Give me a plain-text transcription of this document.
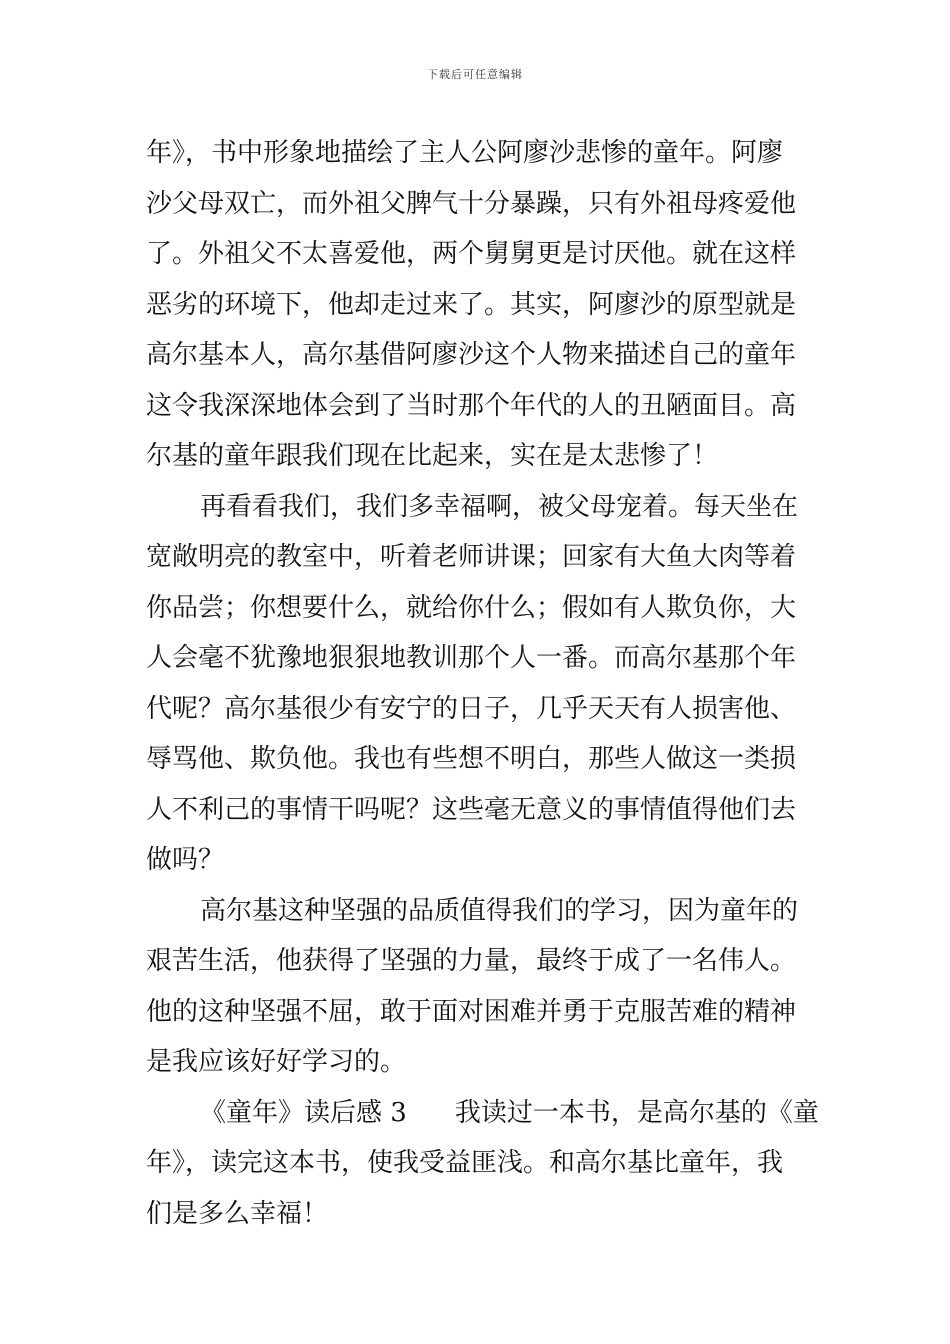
下载后可任意编辑
年》，书中形象地描绘了主人公阿廖沙悲惨的童年。阿廖
沙父母双亡，而外祖父脾气十分暴躁，只有外祖母疼爱他
了。外祖父不太喜爱他，两个舅舅更是讨厌他。就在这样
恶劣的环境下，他却走过来了。其实，阿廖沙的原型就是
高尔基本人，高尔基借阿廖沙这个人物来描述自己的童年
这令我深深地体会到了当时那个年代的人的丑陋面目。高
尔基的童年跟我们现在比起来，实在是太悲惨了！
再看看我们，我们多幸福啊，被父母宠着。每天坐在
宽敞明亮的教室中，听着老师讲课；回家有大鱼大肉等着
你品尝；你想要什么，就给你什么；假如有人欺负你，大
人会毫不犹豫地狠狠地教训那个人一番。而高尔基那个年
代呢？高尔基很少有安宁的日子，几乎天天有人损害他、
辱骂他、欺负他。我也有些想不明白，那些人做这一类损
人不利己的事情干吗呢？这些毫无意义的事情值得他们去
做吗？
高尔基这种坚强的品质值得我们的学习，因为童年的
艰苦生活，他获得了坚强的力量，最终于成了一名伟人。
他的这种坚强不屈，敢于面对困难并勇于克服苦难的精神
是我应该好好学习的。
《童年》读后感 3 我读过一本书，是高尔基的《童
年》，读完这本书，使我受益匪浅。和高尔基比童年，我
们是多么幸福！
